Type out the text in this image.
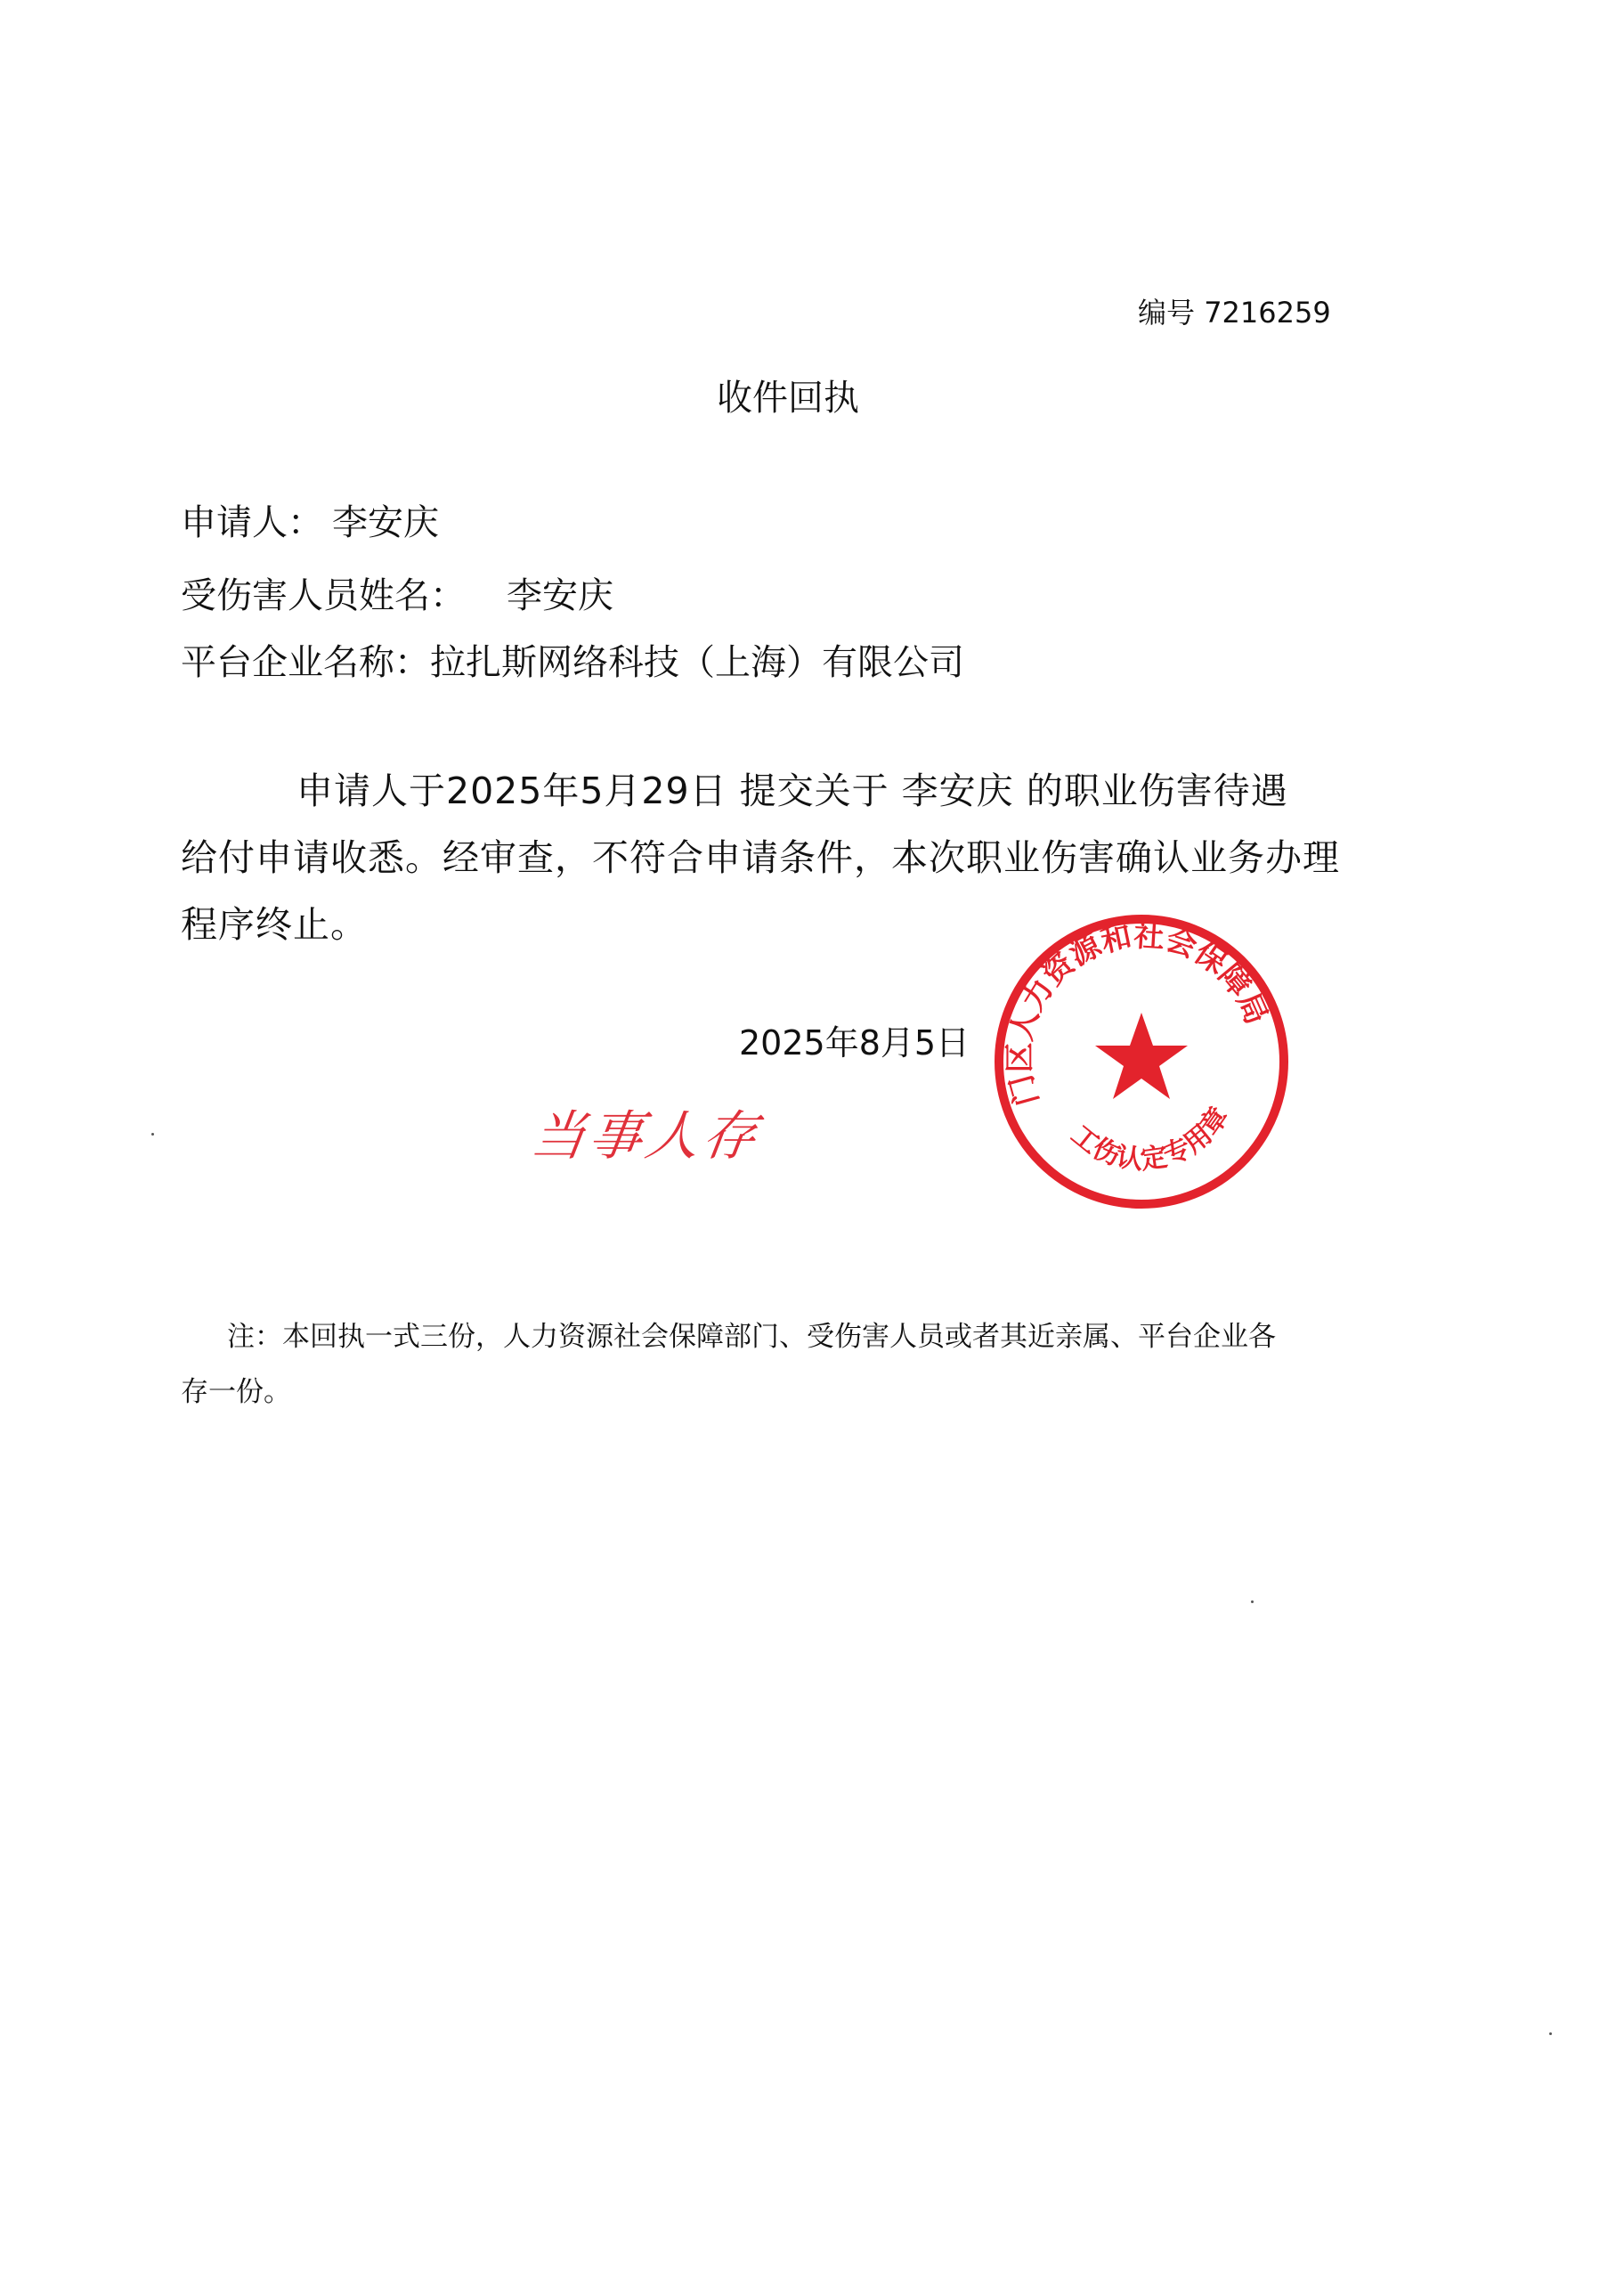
编号 7216259
收件回执
申请人： 李安庆
受伤害人员姓名： 李安庆
平台企业名称：拉扎斯网络科技（上海）有限公司
申请人于2025年5月29日 提交关于 李安庆 的职业伤害待遇
给付申请收悉。经审查，不符合申请条件，本次职业伤害确认业务办理
程序终止。
当事人存
2025年8月5日
门区人力资源和社会保障局
工伤认定专用章
注：本回执一式三份，人力资源社会保障部门、受伤害人员或者其近亲属、平台企业各
存一份。
